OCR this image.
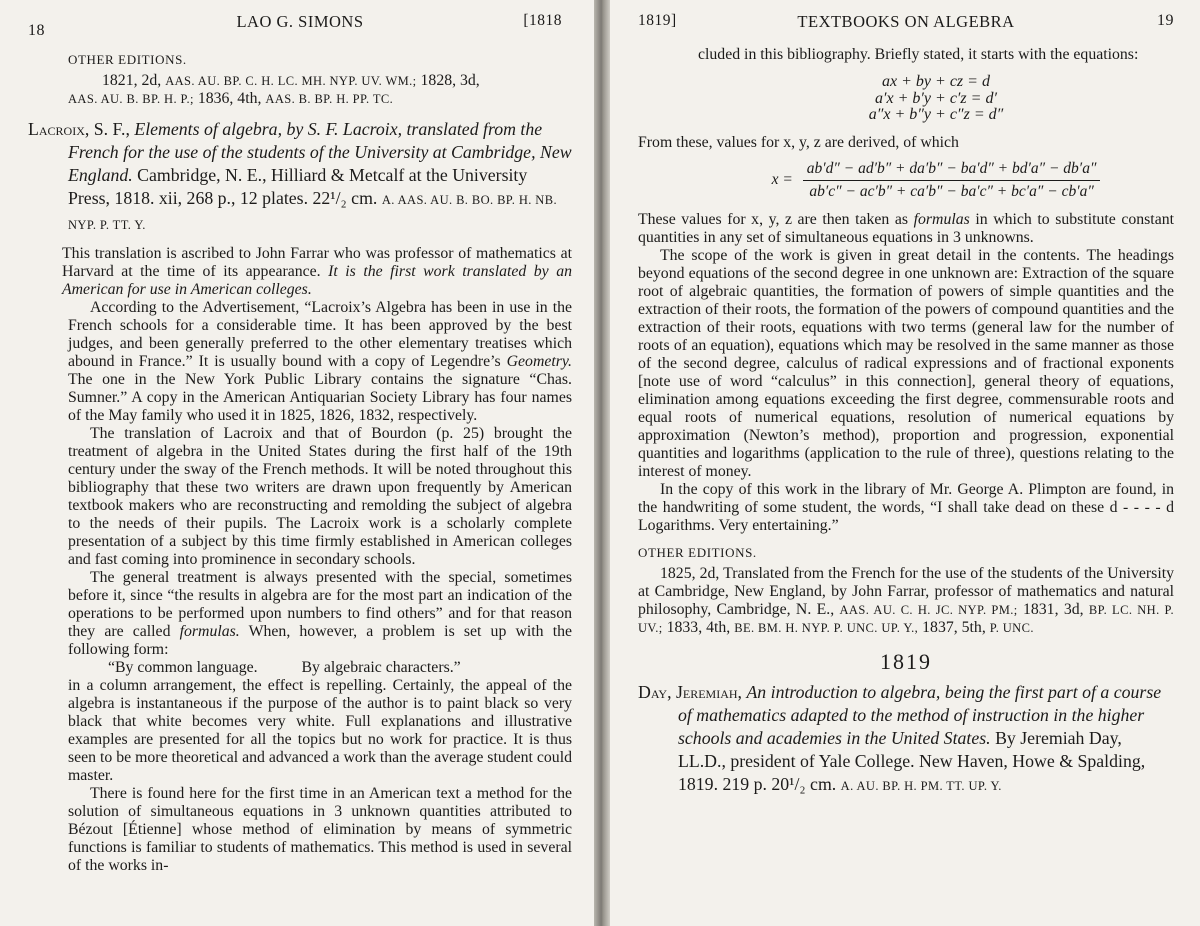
18	LAO G. SIMONS	[1818
OTHER EDITIONS.

1821, 2d, AAS. AU. BP. C. H. LC. MH. NYP. UV. WM.; 1828, 3d,

AAS. AU. B. BP. H. P.; 1836, 4th, AAS. B. BP. H. PP. TC.

Lacroix, S. F., Elements of algebra, by S. F. Lacroix, translated from the French for the use of the students of the University at Cambridge, New England. Cambridge, N. E., Hilliard & Metcalf at the University Press, 1818. xii, 268 p., 12 plates. 22¹/₂ cm. A. AAS. AU. B. BO. BP. H. NB. NYP. P. TT. Y.

This translation is ascribed to John Farrar who was professor of mathematics at Harvard at the time of its appearance. It is the first work translated by an American for use in American colleges.

According to the Advertisement, “Lacroix’s Algebra has been in use in the French schools for a considerable time. It has been approved by the best judges, and been generally preferred to the other elementary treatises which abound in France.” It is usually bound with a copy of Legendre’s Geometry. The one in the New York Public Library contains the signature “Chas. Sumner.” A copy in the American Antiquarian Society Library has four names of the May family who used it in 1825, 1826, 1832, respectively.

The translation of Lacroix and that of Bourdon (p. 25) brought the treatment of algebra in the United States during the first half of the 19th century under the sway of the French methods. It will be noted throughout this bibliography that these two writers are drawn upon frequently by American textbook makers who are reconstructing and remolding the subject of algebra to the needs of their pupils. The Lacroix work is a scholarly complete presentation of a subject by this time firmly established in American colleges and fast coming into prominence in secondary schools.

The general treatment is always presented with the special, sometimes before it, since “the results in algebra are for the most part an indication of the operations to be performed upon numbers to find others” and for that reason they are called formulas. When, however, a problem is set up with the following form:

“By common language.	By algebraic characters.”

in a column arrangement, the effect is repelling. Certainly, the appeal of the algebra is instantaneous if the purpose of the author is to paint black so very black that white becomes very white. Full explanations and illustrative examples are presented for all the topics but no work for practice. It is thus seen to be more theoretical and advanced a work than the average student could master.

There is found here for the first time in an American text a method for the solution of simultaneous equations in 3 unknown quantities attributed to Bézout [Étienne] whose method of elimination by means of symmetric functions is familiar to students of mathematics. This method is used in several of the works in-

1819]	TEXTBOOKS ON ALGEBRA	19

cluded in this bibliography. Briefly stated, it starts with the equations:

ax + by + cz = d
a′x + b′y + c′z = d′
a″x + b″y + c″z = d″

From these, values for x, y, z are derived, of which

$x = \frac{ab'd'' - ad'b'' + da'b'' - ba'd'' + bd'a'' - db'a''}{ab'c'' - ac'b'' + ca'b'' - ba'c'' + bc'a'' - cb'a''}$

These values for x, y, z are then taken as formulas in which to substitute constant quantities in any set of simultaneous equations in 3 unknowns.

The scope of the work is given in great detail in the contents. The headings beyond equations of the second degree in one unknown are: Extraction of the square root of algebraic quantities, the formation of powers of simple quantities and the extraction of their roots, the formation of the powers of compound quantities and the extraction of their roots, equations with two terms (general law for the number of roots of an equation), equations which may be resolved in the same manner as those of the second degree, calculus of radical expressions and of fractional exponents [note use of word “calculus” in this connection], general theory of equations, elimination among equations exceeding the first degree, commensurable roots and equal roots of numerical equations, resolution of numerical equations by approximation (Newton’s method), proportion and progression, exponential quantities and logarithms (application to the rule of three), questions relating to the interest of money.

In the copy of this work in the library of Mr. George A. Plimpton are found, in the handwriting of some student, the words, “I shall take dead on these d - - - - d Logarithms. Very entertaining.”

OTHER EDITIONS.

1825, 2d, Translated from the French for the use of the students of the University at Cambridge, New England, by John Farrar, professor of mathematics and natural philosophy, Cambridge, N. E., AAS. AU. C. H. JC. NYP. PM.; 1831, 3d, BP. LC. NH. P. UV.; 1833, 4th, BE. BM. H. NYP. P. UNC. UP. Y., 1837, 5th, P. UNC.

1819

Day, Jeremiah, An introduction to algebra, being the first part of a course of mathematics adapted to the method of instruction in the higher schools and academies in the United States. By Jeremiah Day, LL.D., president of Yale College. New Haven, Howe & Spalding, 1819. 219 p. 20¹/₂ cm. A. AU. BP. H. PM. TT. UP. Y.
